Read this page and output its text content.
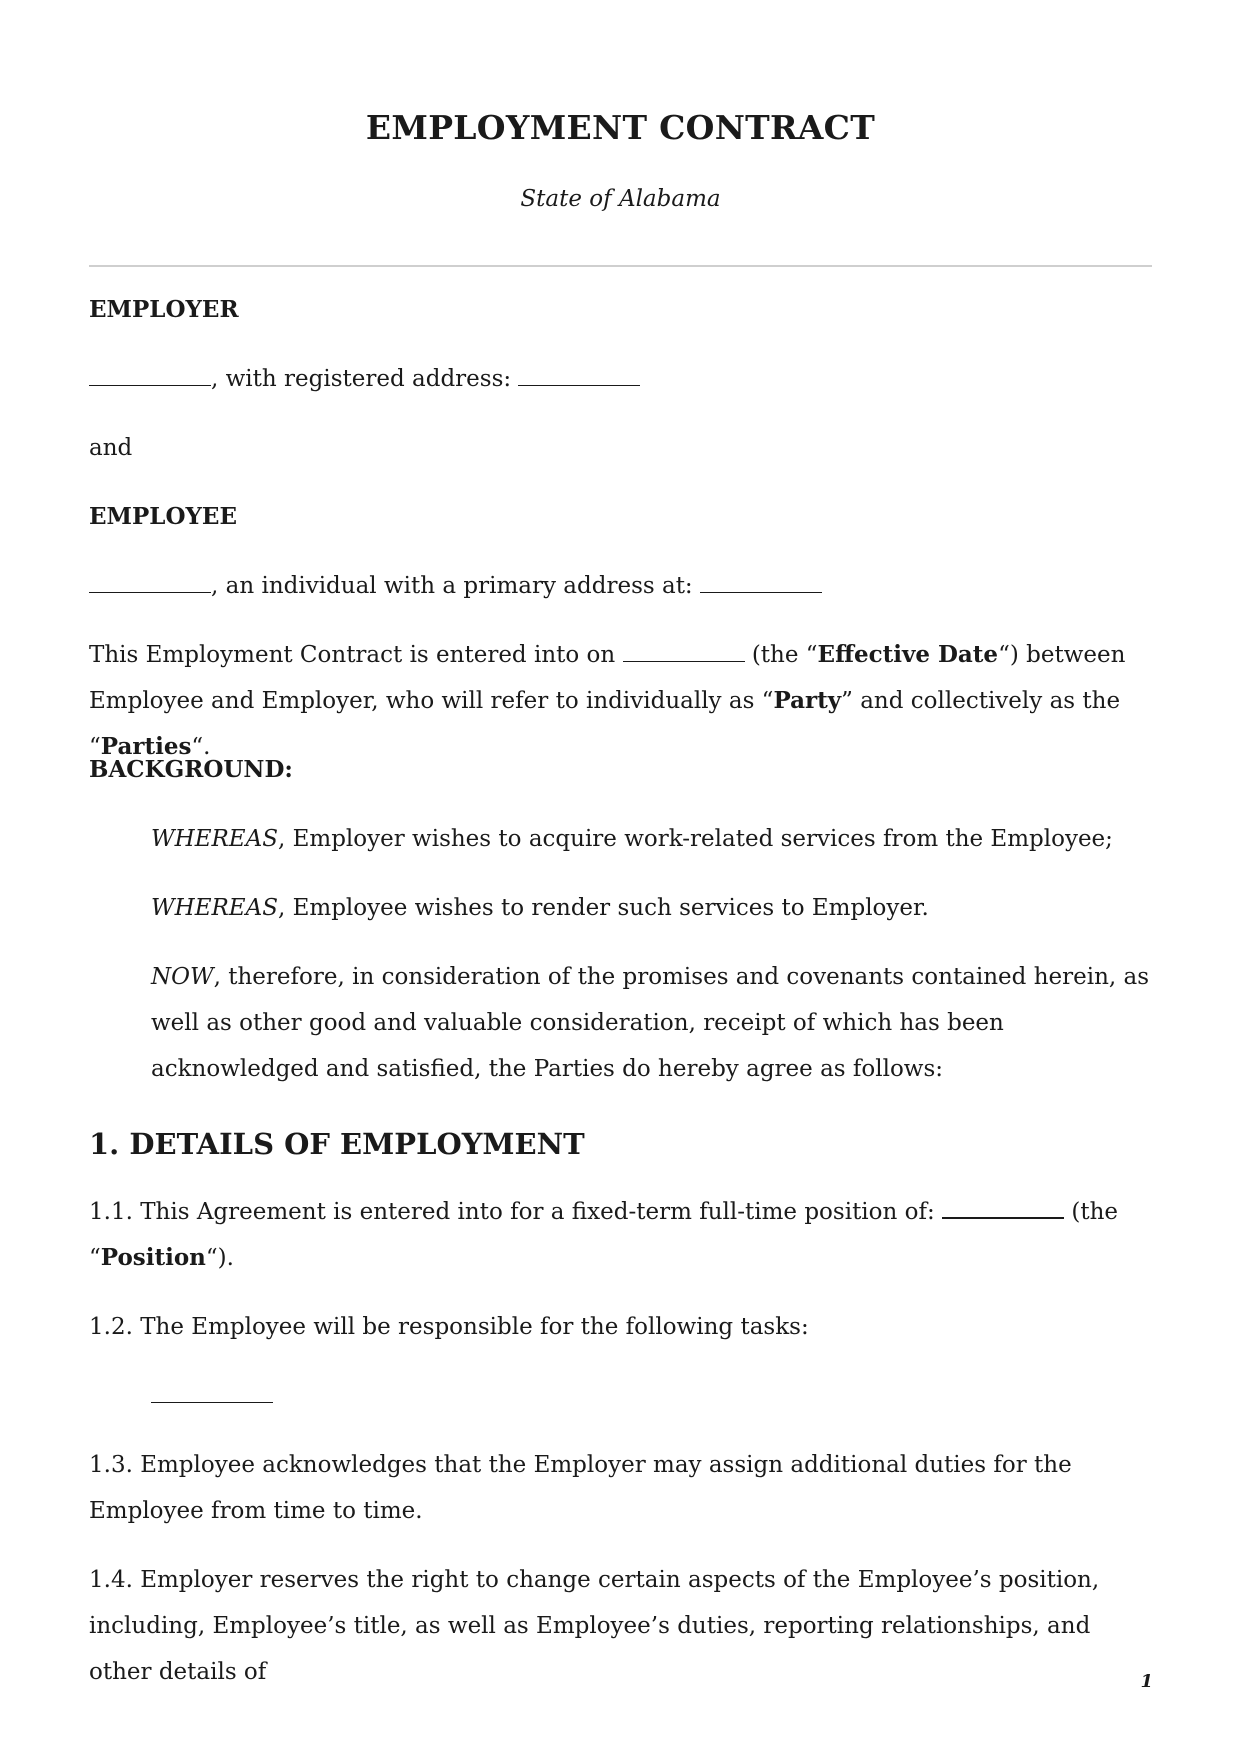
EMPLOYMENT CONTRACT
State of Alabama
EMPLOYER
, with registered address:
and
EMPLOYEE
, an individual with a primary address at:
This Employment Contract is entered into on	(the “Effective Date“) between Employee and Employer, who will refer to individually as “Party” and collectively as the “Parties“.
BACKGROUND:
WHEREAS, Employer wishes to acquire work-related services from the Employee;
WHEREAS, Employee wishes to render such services to Employer.
NOW, therefore, in consideration of the promises and covenants contained herein, as well as other good and valuable consideration, receipt of which has been acknowledged and satisfied, the Parties do hereby agree as follows:
1. DETAILS OF EMPLOYMENT
1.1. This Agreement is entered into for a fixed-term full-time position of:	(the “Position“).
1.2. The Employee will be responsible for the following tasks:
1.3. Employee acknowledges that the Employer may assign additional duties for the Employee from time to time.
1.4. Employer reserves the right to change certain aspects of the Employee’s position, including, Employee’s title, as well as Employee’s duties, reporting relationships, and other details of	1
